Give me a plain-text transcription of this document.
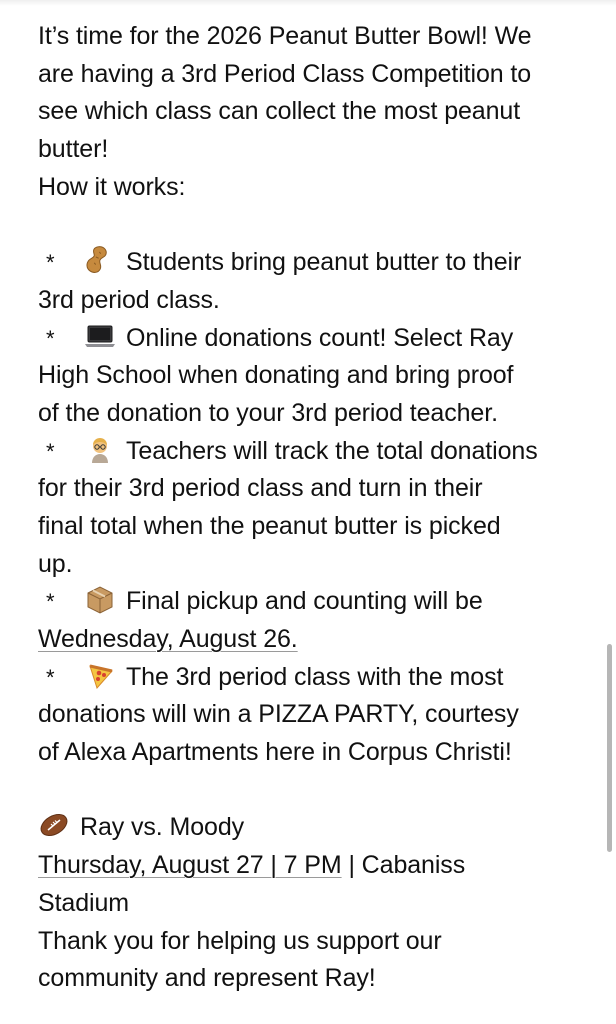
It’s time for the 2026 Peanut Butter Bowl! We
are having a 3rd Period Class Competition to
see which class can collect the most peanut
butter!
How it works:
*	Students bring peanut butter to their
3rd period class.
*	Online donations count! Select Ray
High School when donating and bring proof
of the donation to your 3rd period teacher.
*	Teachers will track the total donations
for their 3rd period class and turn in their
final total when the peanut butter is picked
up.
*	Final pickup and counting will be
Wednesday, August 26.
*	The 3rd period class with the most
donations will win a PIZZA PARTY, courtesy
of Alexa Apartments here in Corpus Christi!
Ray vs. Moody
Thursday, August 27 | 7 PM | Cabaniss
Stadium
Thank you for helping us support our
community and represent Ray!
